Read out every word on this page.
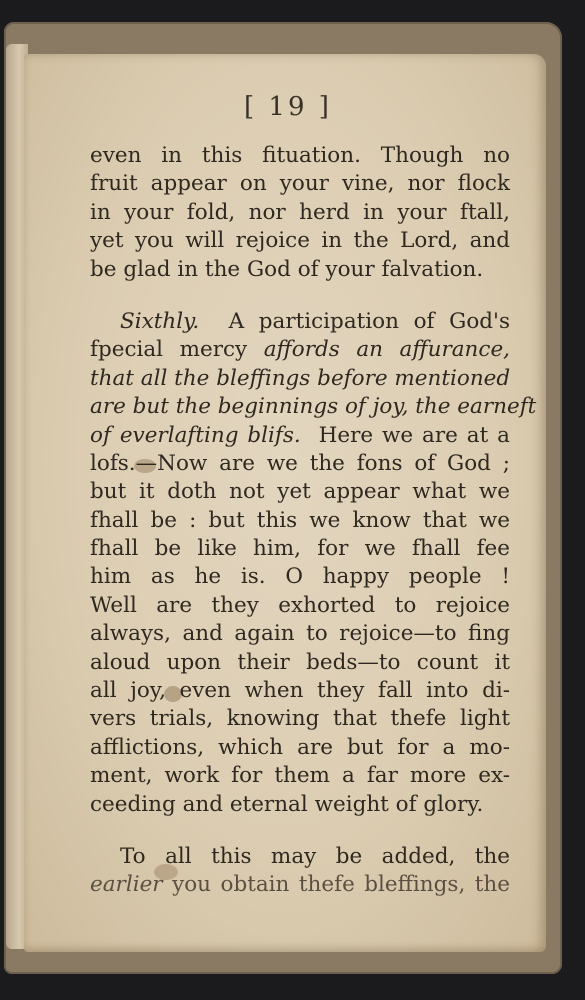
[ 19 ]
even in this fituation. Though no
fruit appear on your vine, nor flock
in your fold, nor herd in your ftall,
yet you will rejoice in the Lord, and
be glad in the God of your falvation.
Sixthly. A participation of God's
fpecial mercy affords an affurance,
that all the bleffings before mentioned
are but the beginnings of joy, the earneft
of everlafting blifs. Here we are at a
lofs.—Now are we the fons of God ;
but it doth not yet appear what we
fhall be : but this we know that we
fhall be like him, for we fhall fee
him as he is. O happy people !
Well are they exhorted to rejoice
always, and again to rejoice—to fing
aloud upon their beds—to count it
all joy, even when they fall into di-
vers trials, knowing that thefe light
afflictions, which are but for a mo-
ment, work for them a far more ex-
ceeding and eternal weight of glory.
To all this may be added, the
earlier you obtain thefe bleffings, the
